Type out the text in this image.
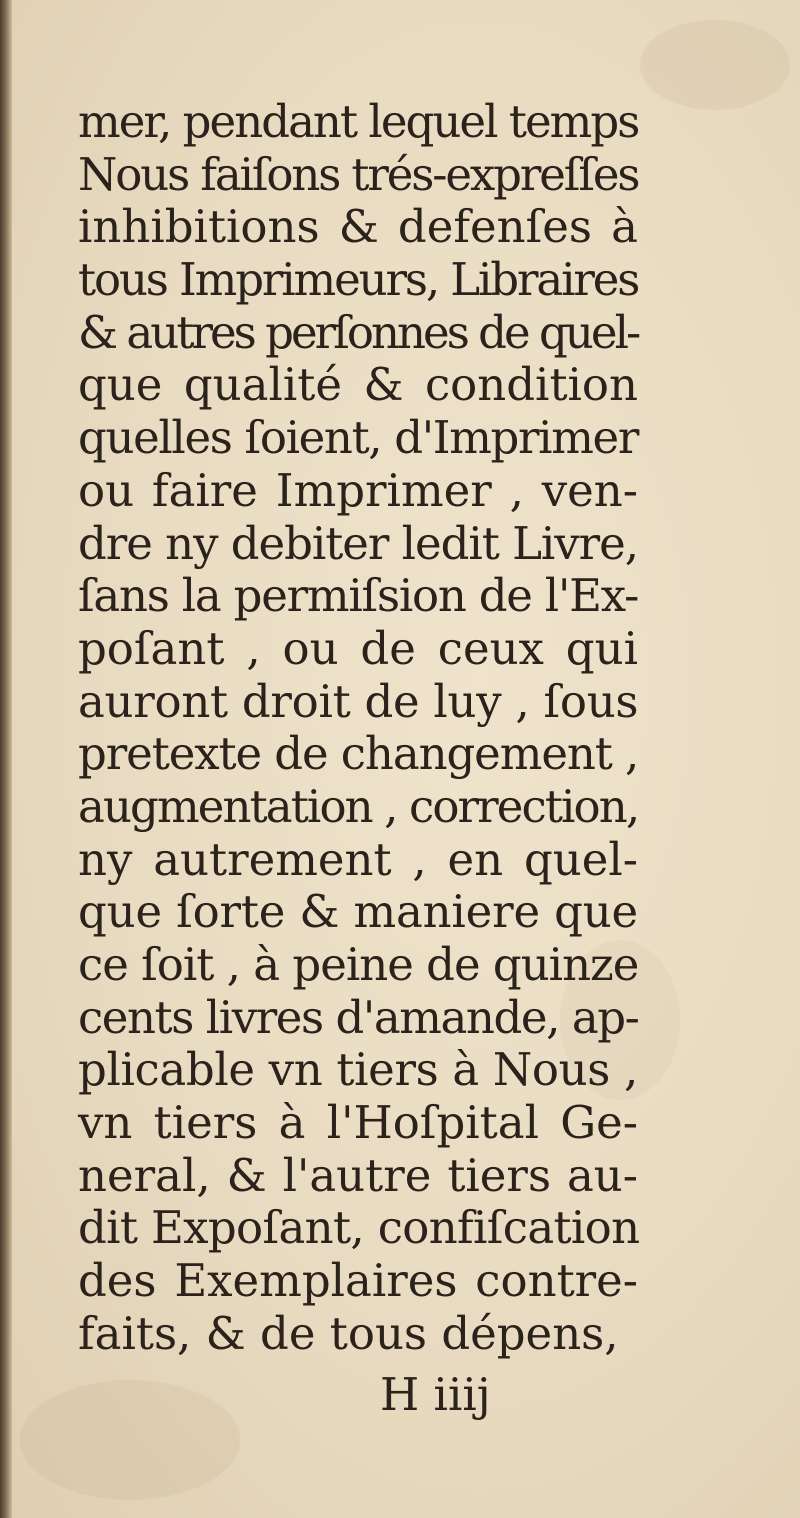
mer, pendant lequel temps
Nous faiſons trés-expreſſes
inhibitions & defenſes à
tous Imprimeurs, Libraires
& autres perſonnes de quel-
que qualité & condition
quelles ſoient, d'Imprimer
ou faire Imprimer , ven-
dre ny debiter ledit Livre,
ſans la permiſsion de l'Ex-
poſant , ou de ceux qui
auront droit de luy , ſous
pretexte de changement ,
augmentation , correction,
ny autrement , en quel-
que ſorte & maniere que
ce ſoit , à peine de quinze
cents livres d'amande, ap-
plicable vn tiers à Nous ,
vn tiers à l'Hoſpital Ge-
neral, & l'autre tiers au-
dit Expoſant, confiſcation
des Exemplaires contre-
faits, & de tous dépens,
H iiij
